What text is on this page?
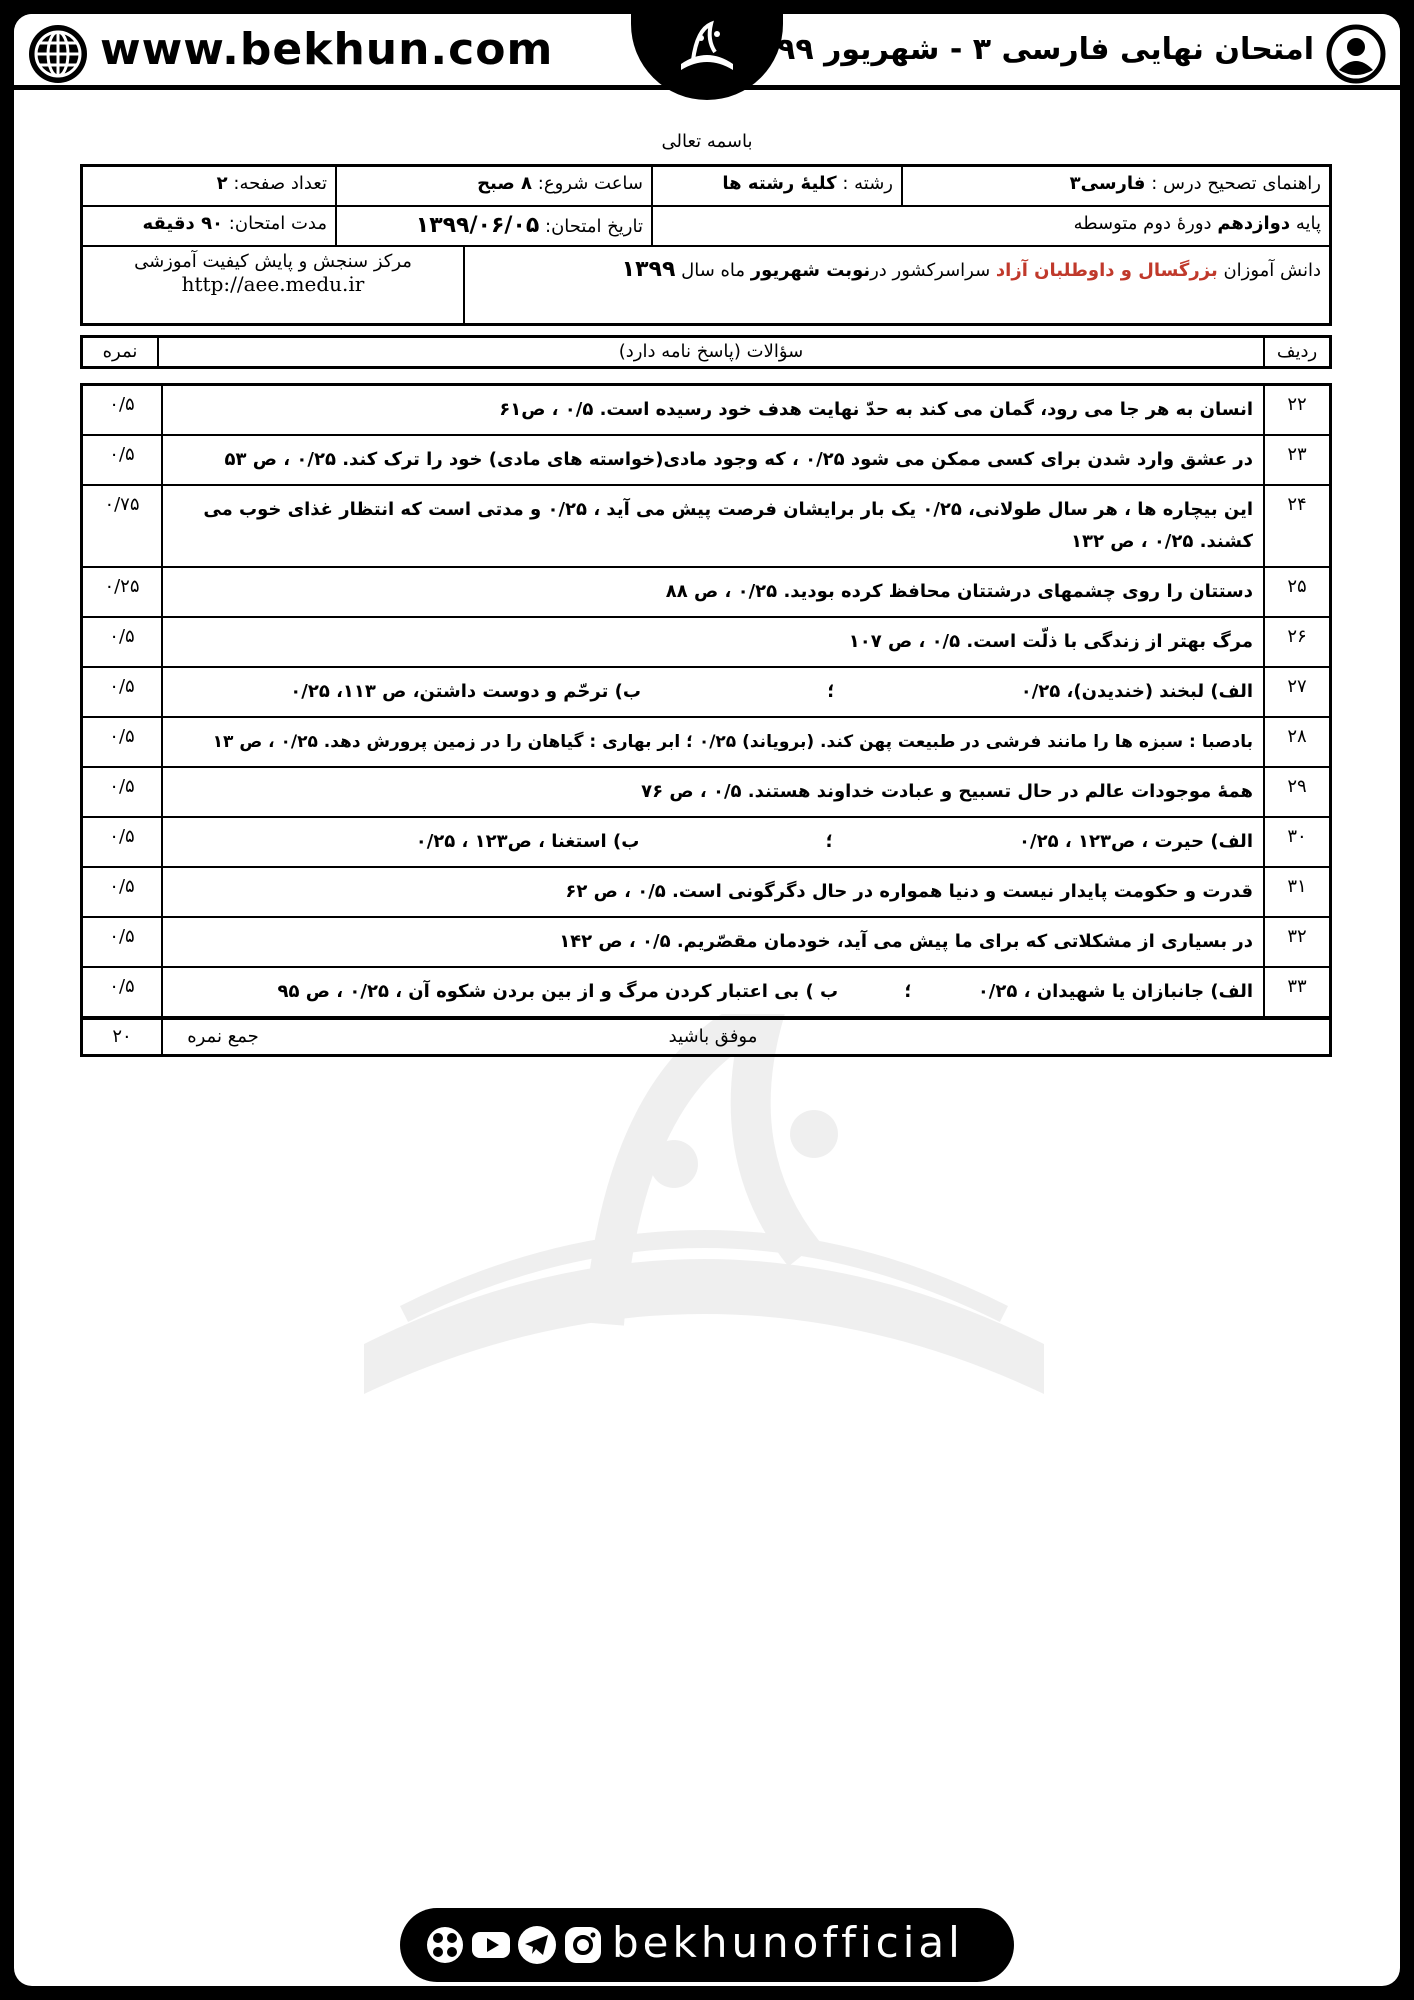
www.bekhun.com	امتحان نهایی فارسی ۳ - شهریور ۹۹
باسمه تعالی
راهنمای تصحیح درس : فارسی۳
رشته : کلیهٔ رشته ها
ساعت شروع: ۸ صبح
تعداد صفحه: ۲
پایه دوازدهم دورهٔ دوم متوسطه
تاریخ امتحان: ۱۳۹۹/۰۶/۰۵
مدت امتحان: ۹۰ دقیقه
دانش آموزان بزرگسال و داوطلبان آزاد سراسرکشور درنوبت شهریور ماه سال ۱۳۹۹
مرکز سنجش و پایش کیفیت آموزشی
http://aee.medu.ir
ردیف
سؤالات (پاسخ نامه دارد)
نمره
۲۲
انسان به هر جا می رود، گمان می کند به حدّ نهایت هدف خود رسیده است. ۰/۵ ، ص۶۱
۰/۵
۲۳
در عشق وارد شدن برای کسی ممکن می شود ۰/۲۵ ، که وجود مادی(خواسته های مادی) خود را ترک کند. ۰/۲۵ ، ص ۵۳
۰/۵
۲۴
این بیچاره ها ، هر سال طولانی، ۰/۲۵ یک بار برایشان فرصت پیش می آید ، ۰/۲۵ و مدتی است که انتظار غذای خوب می کشند. ۰/۲۵ ، ص ۱۳۲
۰/۷۵
۲۵
دستتان را روی چشمهای درشتتان محافظ کرده بودید. ۰/۲۵ ، ص ۸۸
۰/۲۵
۲۶
مرگ بهتر از زندگی با ذلّت است. ۰/۵ ، ص ۱۰۷
۰/۵
۲۷
الف) لبخند (خندیدن)، ۰/۲۵ ؛ ب) ترحّم و دوست داشتن، ص ۱۱۳، ۰/۲۵
۰/۵
۲۸
بادصبا : سبزه ها را مانند فرشی در طبیعت پهن کند. (برویاند) ۰/۲۵ ؛ ابر بهاری : گیاهان را در زمین پرورش دهد. ۰/۲۵ ، ص ۱۳
۰/۵
۲۹
همهٔ موجودات عالم در حال تسبیح و عبادت خداوند هستند. ۰/۵ ، ص ۷۶
۰/۵
۳۰
الف) حیرت ، ص۱۲۳ ، ۰/۲۵ ؛ ب) استغنا ، ص۱۲۳ ، ۰/۲۵
۰/۵
۳۱
قدرت و حکومت پایدار نیست و دنیا همواره در حال دگرگونی است. ۰/۵ ، ص ۶۲
۰/۵
۳۲
در بسیاری از مشکلاتی که برای ما پیش می آید، خودمان مقصّریم. ۰/۵ ، ص ۱۴۲
۰/۵
۳۳
الف) جانبازان یا شهیدان ، ۰/۲۵ ؛ ب ) بی اعتبار کردن مرگ و از بین بردن شکوه آن ، ۰/۲۵ ، ص ۹۵
۰/۵
موفق باشید
جمع نمره
۲۰
bekhunofficial
